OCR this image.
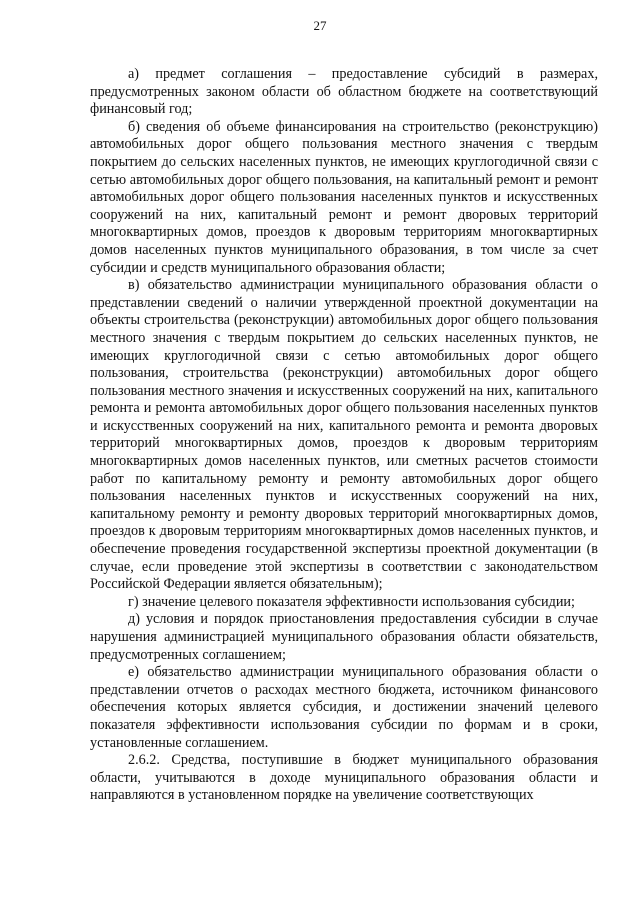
27

а) предмет соглашения – предоставление субсидий в размерах, предусмотренных законом области об областном бюджете на соответствующий финансовый год;

б) сведения об объеме финансирования на строительство (реконструкцию) автомобильных дорог общего пользования местного значения с твердым покрытием до сельских населенных пунктов, не имеющих круглогодичной связи с сетью автомобильных дорог общего пользования, на капитальный ремонт и ремонт автомобильных дорог общего пользования населенных пунктов и искусственных сооружений на них, капитальный ремонт и ремонт дворовых территорий многоквартирных домов, проездов к дворовым территориям многоквартирных домов населенных пунктов муниципального образования, в том числе за счет субсидии и средств муниципального образования области;

в) обязательство администрации муниципального образования области о представлении сведений о наличии утвержденной проектной документации на объекты строительства (реконструкции) автомобильных дорог общего пользования местного значения с твердым покрытием до сельских населенных пунктов, не имеющих круглогодичной связи с сетью автомобильных дорог общего пользования, строительства (реконструкции) автомобильных дорог общего пользования местного значения и искусственных сооружений на них, капитального ремонта и ремонта автомобильных дорог общего пользования населенных пунктов и искусственных сооружений на них, капитального ремонта и ремонта дворовых территорий многоквартирных домов, проездов к дворовым территориям многоквартирных домов населенных пунктов, или сметных расчетов стоимости работ по капитальному ремонту и ремонту автомобильных дорог общего пользования населенных пунктов и искусственных сооружений на них, капитальному ремонту и ремонту дворовых территорий многоквартирных домов, проездов к дворовым территориям многоквартирных домов населенных пунктов, и обеспечение проведения государственной экспертизы проектной документации (в случае, если проведение этой экспертизы в соответствии с законодательством Российской Федерации является обязательным);

г) значение целевого показателя эффективности использования субсидии;

д) условия и порядок приостановления предоставления субсидии в случае нарушения администрацией муниципального образования области обязательств, предусмотренных соглашением;

е) обязательство администрации муниципального образования области о представлении отчетов о расходах местного бюджета, источником финансового обеспечения которых является субсидия, и достижении значений целевого показателя эффективности использования субсидии по формам и в сроки, установленные соглашением.

2.6.2. Средства, поступившие в бюджет муниципального образования области, учитываются в доходе муниципального образования области и направляются в установленном порядке на увеличение соответствующих
